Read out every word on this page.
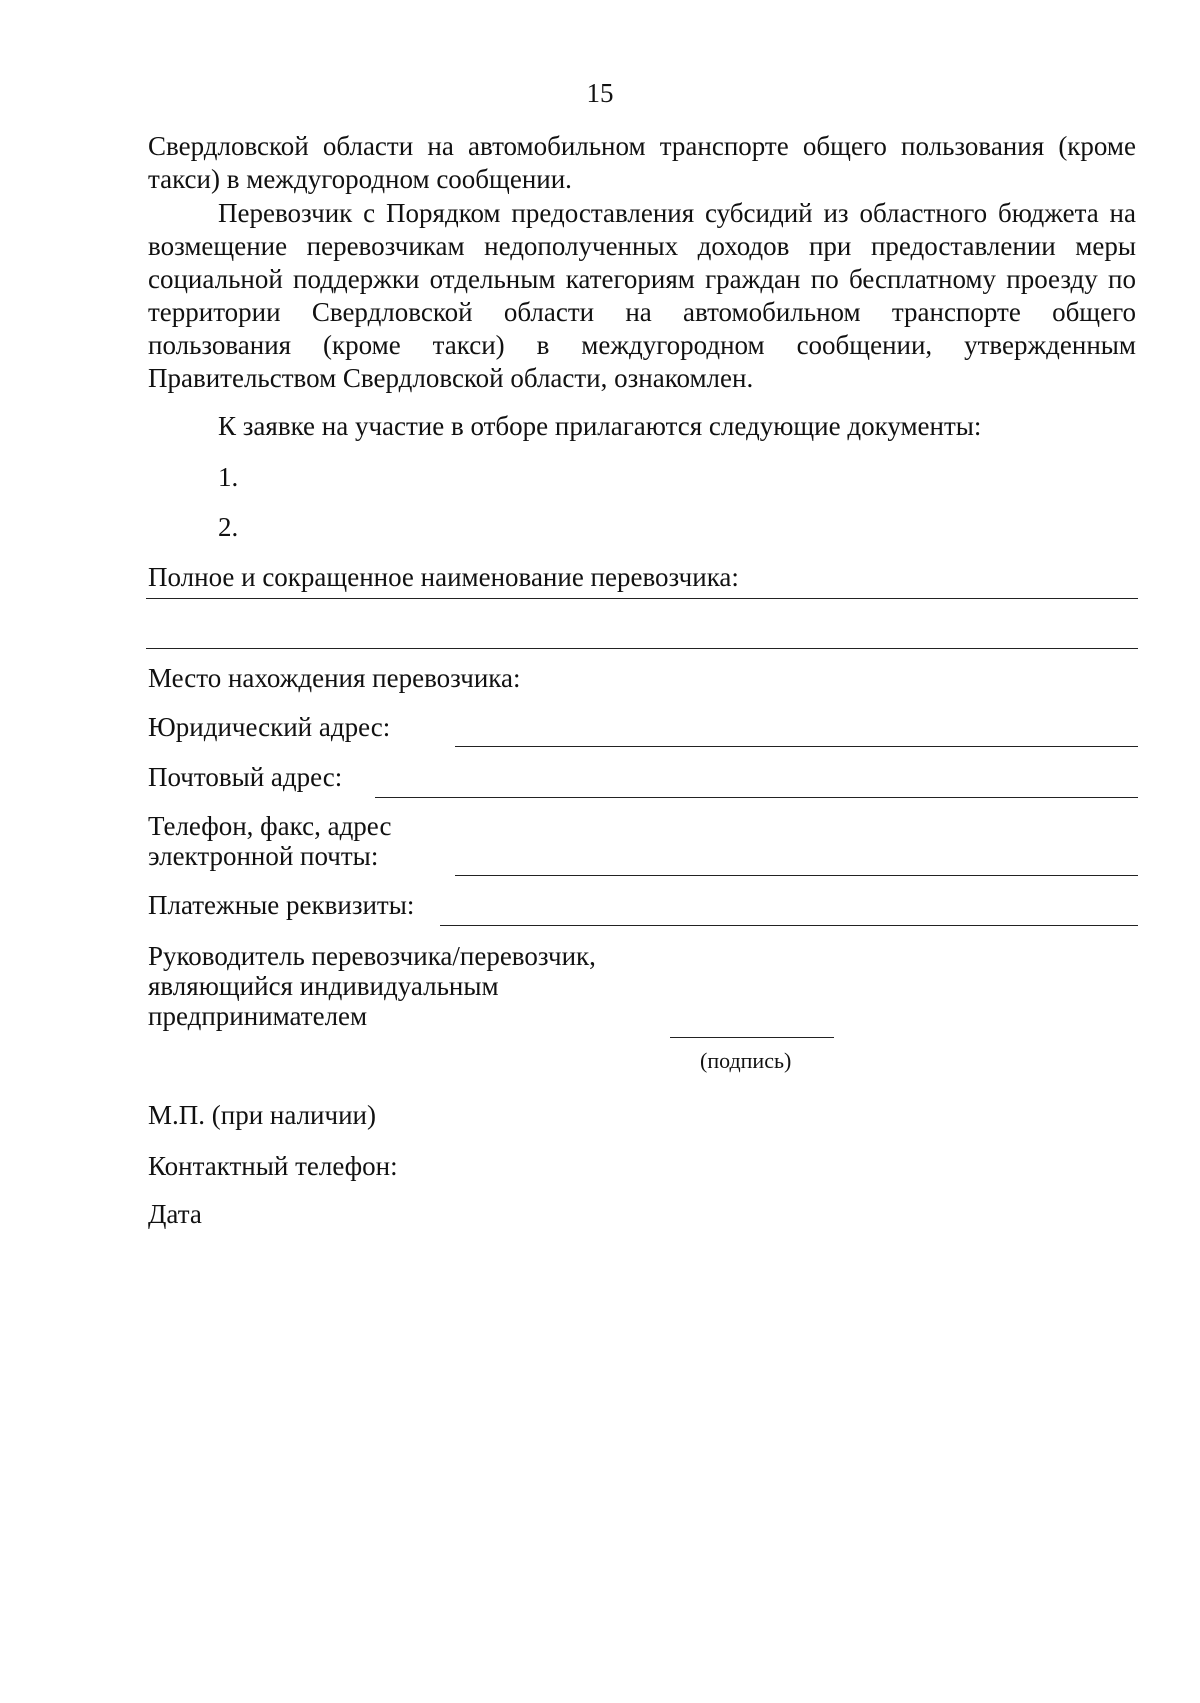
15
Свердловской области на автомобильном транспорте общего пользования (кроме такси) в междугородном сообщении.
Перевозчик с Порядком предоставления субсидий из областного бюджета на возмещение перевозчикам недополученных доходов при предоставлении меры социальной поддержки отдельным категориям граждан по бесплатному проезду по территории Свердловской области на автомобильном транспорте общего пользования (кроме такси) в междугородном сообщении, утвержденным Правительством Свердловской области, ознакомлен.
К заявке на участие в отборе прилагаются следующие документы:
1.
2.
Полное и сокращенное наименование перевозчика:
Место нахождения перевозчика:
Юридический адрес:
Почтовый адрес:
Телефон, факс, адрес
электронной почты:
Платежные реквизиты:
Руководитель перевозчика/перевозчик,
являющийся индивидуальным
предпринимателем
(подпись)
М.П. (при наличии)
Контактный телефон:
Дата
